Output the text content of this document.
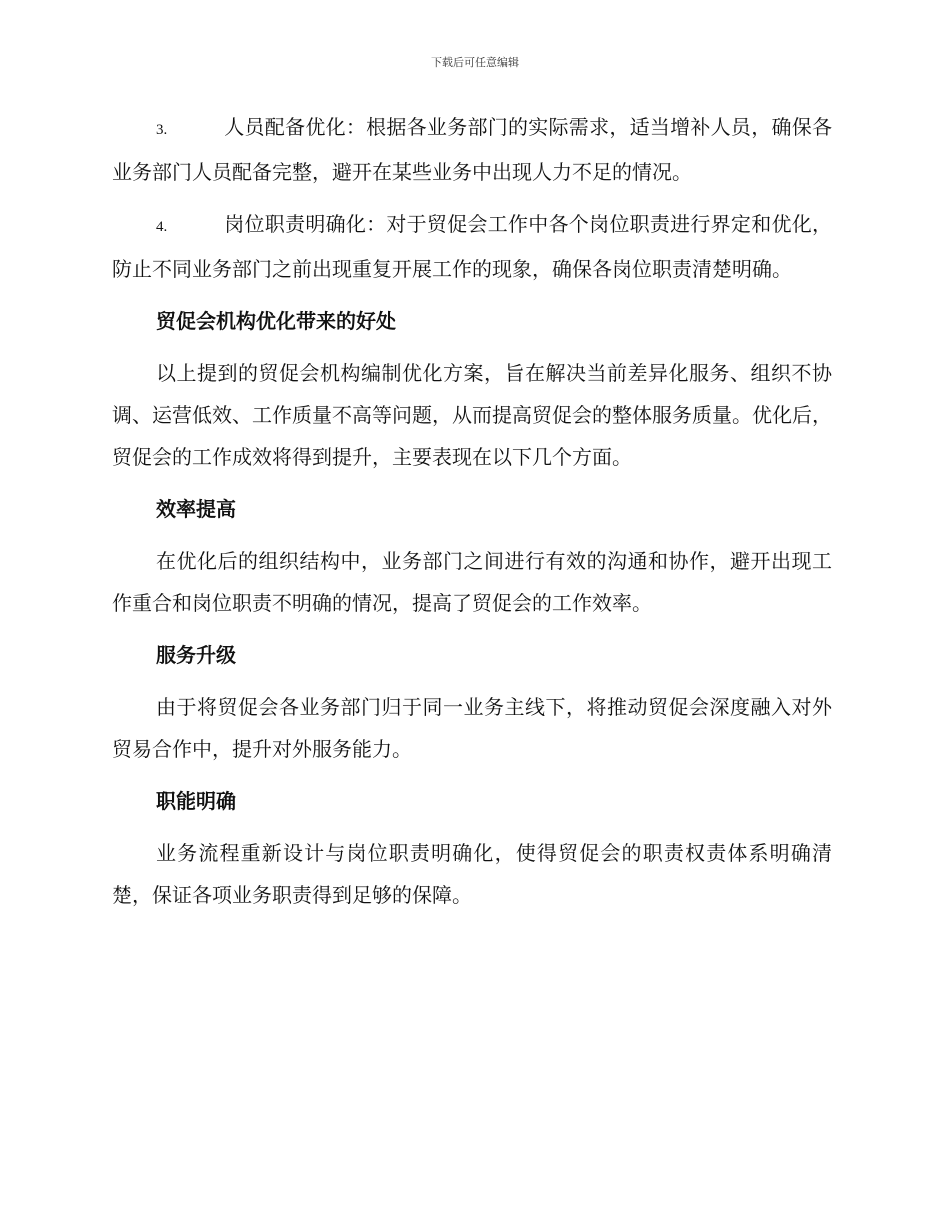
下载后可任意编辑

3.	人员配备优化：根据各业务部门的实际需求，适当增补人员，确保各业务部门人员配备完整，避开在某些业务中出现人力不足的情况。

4.	岗位职责明确化：对于贸促会工作中各个岗位职责进行界定和优化，防止不同业务部门之前出现重复开展工作的现象，确保各岗位职责清楚明确。

贸促会机构优化带来的好处

以上提到的贸促会机构编制优化方案，旨在解决当前差异化服务、组织不协调、运营低效、工作质量不高等问题，从而提高贸促会的整体服务质量。优化后，贸促会的工作成效将得到提升，主要表现在以下几个方面。

效率提高

在优化后的组织结构中，业务部门之间进行有效的沟通和协作，避开出现工作重合和岗位职责不明确的情况，提高了贸促会的工作效率。

服务升级

由于将贸促会各业务部门归于同一业务主线下，将推动贸促会深度融入对外贸易合作中，提升对外服务能力。

职能明确

业务流程重新设计与岗位职责明确化，使得贸促会的职责权责体系明确清楚，保证各项业务职责得到足够的保障。
